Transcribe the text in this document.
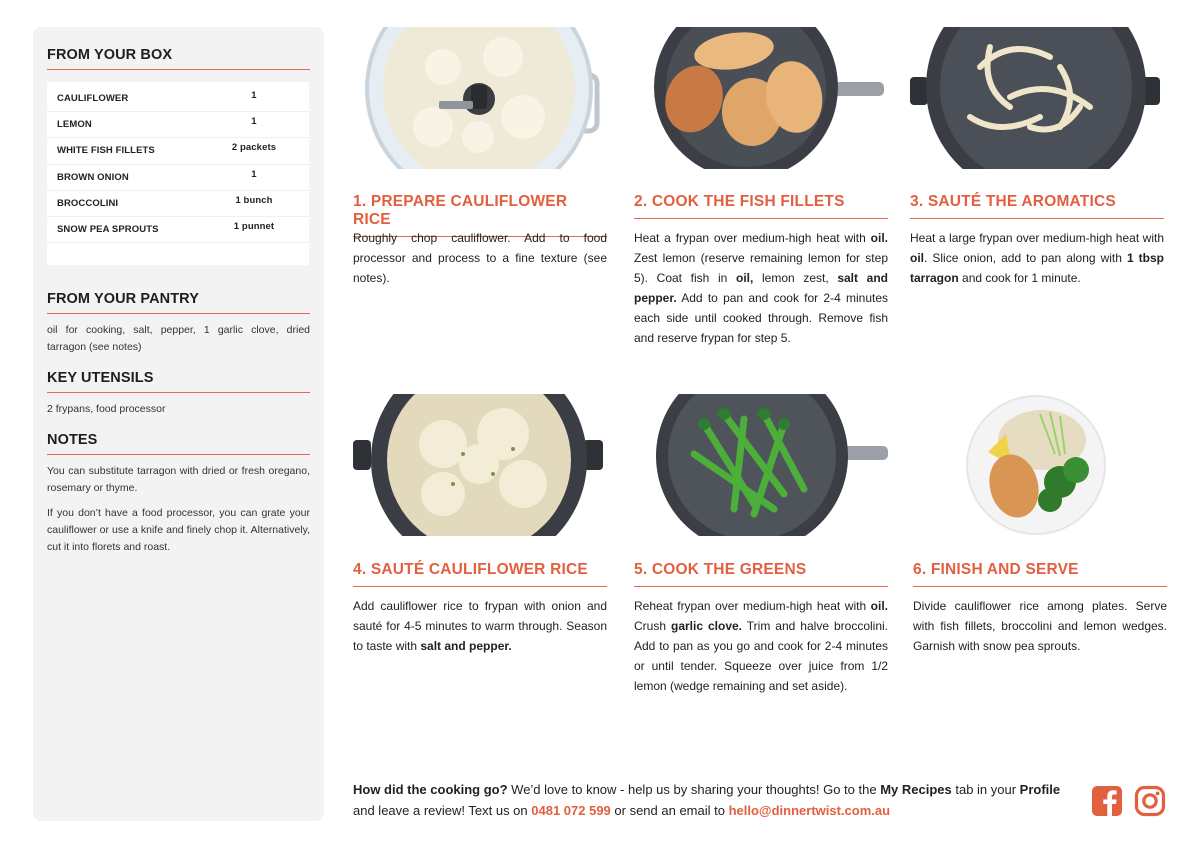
FROM YOUR BOX
CAULIFLOWER	1
LEMON	1
WHITE FISH FILLETS	2 packets
BROWN ONION	1
BROCCOLINI	1 bunch
SNOW PEA SPROUTS	1 punnet
FROM YOUR PANTRY

oil for cooking, salt, pepper, 1 garlic clove, dried tarragon (see notes)

KEY UTENSILS

2 frypans, food processor

NOTES

You can substitute tarragon with dried or fresh oregano, rosemary or thyme.

If you don’t have a food processor, you can grate your cauliflower or use a knife and finely chop it. Alternatively, cut it into florets and roast.

1. PREPARE CAULIFLOWER RICE
2. COOK THE FISH FILLETS	3. SAUTÉ THE AROMATICS
4. SAUTÉ CAULIFLOWER RICE	5. COOK THE GREENS	6. FINISH AND SERVE

Roughly chop cauliflower. Add to food processor and process to a fine texture (see notes).

Heat a frypan over medium-high heat with oil. Zest lemon (reserve remaining lemon for step 5). Coat fish in oil, lemon zest, salt and pepper. Add to pan and cook for 2-4 minutes each side until cooked through. Remove fish and reserve frypan for step 5.

Heat a large frypan over medium-high heat with oil. Slice onion, add to pan along with 1 tbsp tarragon and cook for 1 minute.

Add cauliflower rice to frypan with onion and sauté for 4-5 minutes to warm through. Season to taste with salt and pepper.

Reheat frypan over medium-high heat with oil. Crush garlic clove. Trim and halve broccolini. Add to pan as you go and cook for 2-4 minutes or until tender. Squeeze over juice from 1/2 lemon (wedge remaining and set aside).

Divide cauliflower rice among plates. Serve with fish fillets, broccolini and lemon wedges. Garnish with snow pea sprouts.

How did the cooking go? We’d love to know - help us by sharing your thoughts! Go to the My Recipes tab in your Profile and leave a review! Text us on 0481 072 599 or send an email to hello@dinnertwist.com.au
